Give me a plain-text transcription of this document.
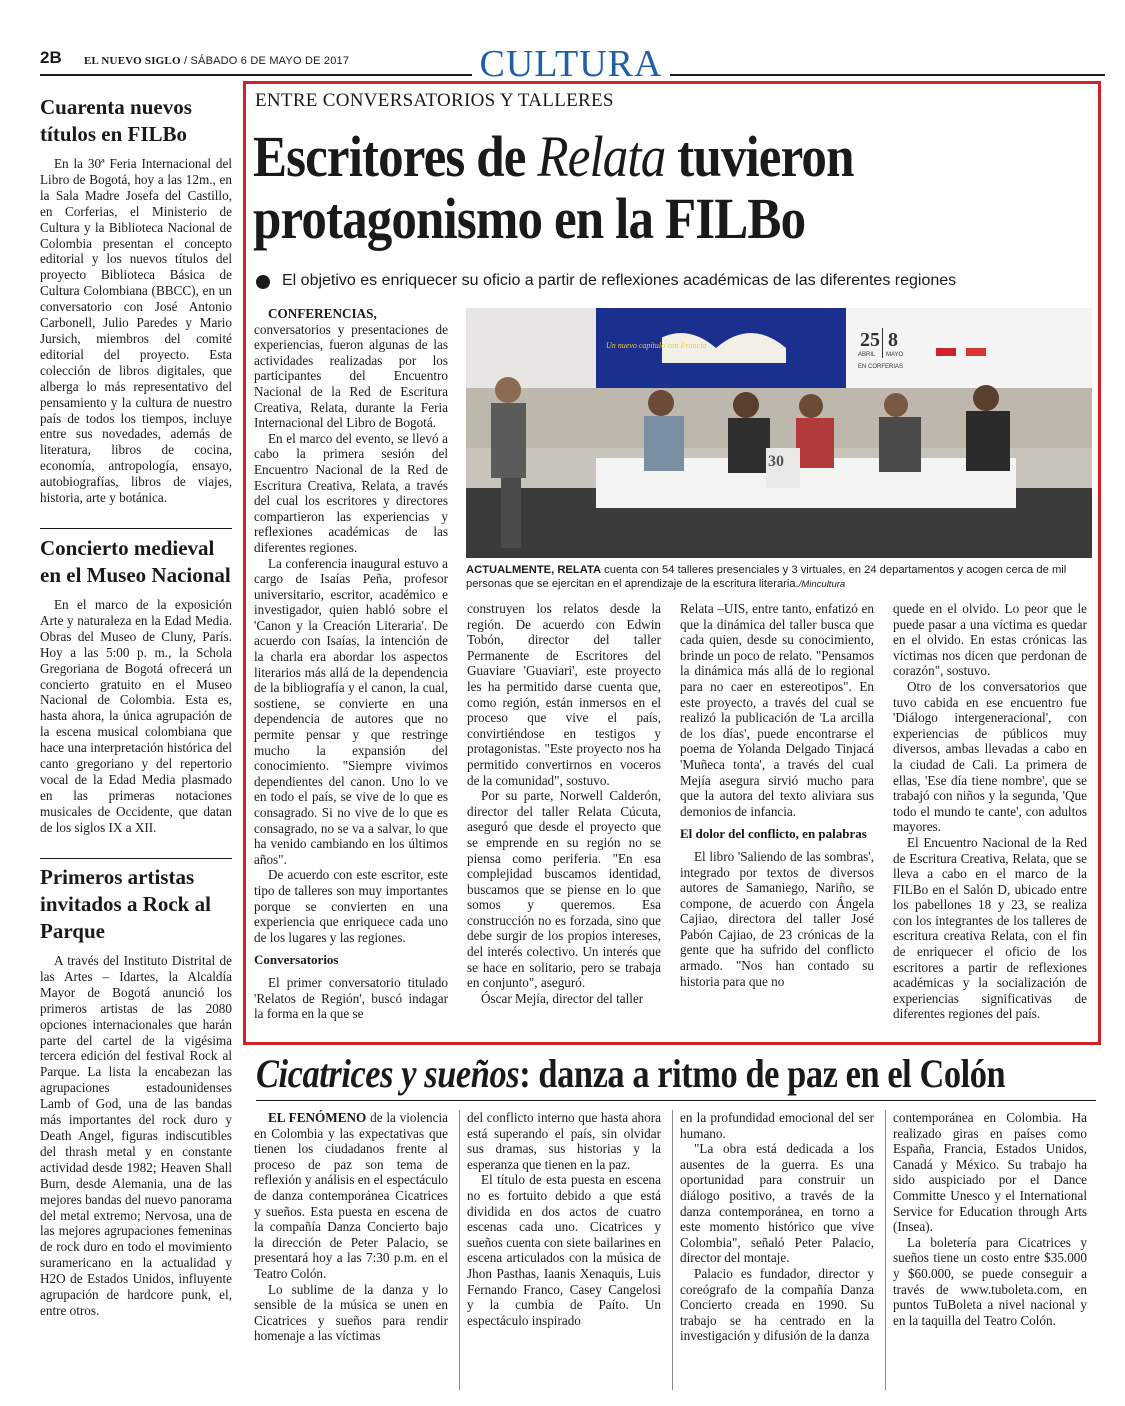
2B EL NUEVO SIGLO / SÁBADO 6 DE MAYO DE 2017	CULTURA
Cuarenta nuevos títulos en FILBo

En la 30ª Feria Internacional del Libro de Bogotá, hoy a las 12m., en la Sala Madre Josefa del Castillo, en Corferias, el Ministerio de Cultura y la Biblioteca Nacional de Colombia presentan el concepto editorial y los nuevos títulos del proyecto Biblioteca Básica de Cultura Colombiana (BBCC), en un conversatorio con José Antonio Carbonell, Julio Paredes y Mario Jursich, miembros del comité editorial del proyecto. Esta colección de libros digitales, que alberga lo más representativo del pensamiento y la cultura de nuestro país de todos los tiempos, incluye entre sus novedades, además de literatura, libros de cocina, economía, antropología, ensayo, autobiografías, libros de viajes, historia, arte y botánica.

Concierto medieval en el Museo Nacional

En el marco de la exposición Arte y naturaleza en la Edad Media. Obras del Museo de Cluny, París. Hoy a las 5:00 p. m., la Schola Gregoriana de Bogotá ofrecerá un concierto gratuito en el Museo Nacional de Colombia. Esta es, hasta ahora, la única agrupación de la escena musical colombiana que hace una interpretación histórica del canto gregoriano y del repertorio vocal de la Edad Media plasmado en las primeras notaciones musicales de Occidente, que datan de los siglos IX a XII.

Primeros artistas invitados a Rock al Parque

A través del Instituto Distrital de las Artes – Idartes, la Alcaldía Mayor de Bogotá anunció los primeros artistas de las 2080 opciones internacionales que harán parte del cartel de la vigésima tercera edición del festival Rock al Parque. La lista la encabezan las agrupaciones estadounidenses Lamb of God, una de las bandas más importantes del rock duro y Death Angel, figuras indiscutibles del thrash metal y en constante actividad desde 1982; Heaven Shall Burn, desde Alemania, una de las mejores bandas del nuevo panorama del metal extremo; Nervosa, una de las mejores agrupaciones femeninas de rock duro en todo el movimiento suramericano en la actualidad y H2O de Estados Unidos, influyente agrupación de hardcore punk, el, entre otros.

ENTRE CONVERSATORIOS Y TALLERES
Escritores de Relata tuvieron
protagonismo en la FILBo
El objetivo es enriquecer su oficio a partir de reflexiones académicas de las diferentes regiones

CONFERENCIAS, conversatorios y presentaciones de experiencias, fueron algunas de las actividades realizadas por los participantes del Encuentro Nacional de la Red de Escritura Creativa, Relata, durante la Feria Internacional del Libro de Bogotá.

En el marco del evento, se llevó a cabo la primera sesión del Encuentro Nacional de la Red de Escritura Creativa, Relata, a través del cual los escritores y directores compartieron las experiencias y reflexiones académicas de las diferentes regiones.

La conferencia inaugural estuvo a cargo de Isaías Peña, profesor universitario, escritor, académico e investigador, quien habló sobre el 'Canon y la Creación Literaria'. De acuerdo con Isaías, la intención de la charla era abordar los aspectos literarios más allá de la dependencia de la bibliografía y el canon, la cual, sostiene, se convierte en una dependencia de autores que no permite pensar y que restringe mucho la expansión del conocimiento. "Siempre vivimos dependientes del canon. Uno lo ve en todo el país, se vive de lo que es consagrado. Si no vive de lo que es consagrado, no se va a salvar, lo que ha venido cambiando en los últimos años".

De acuerdo con este escritor, este tipo de talleres son muy importantes porque se convierten en una experiencia que enriquece cada uno de los lugares y las regiones.

Conversatorios

El primer conversatorio titulado 'Relatos de Región', buscó indagar la forma en la que se

Un nuevo capítulo con Francia	25
ABRIL
8
MAYO
EN CORFERIAS
30
ACTUALMENTE, RELATA cuenta con 54 talleres presenciales y 3 virtuales, en 24 departamentos y acogen cerca de mil personas que se ejercitan en el aprendizaje de la escritura literaria./Mincultura

construyen los relatos desde la región. De acuerdo con Edwin Tobón, director del taller Permanente de Escritores del Guaviare 'Guaviari', este proyecto les ha permitido darse cuenta que, como región, están inmersos en el proceso que vive el país, convirtiéndose en testigos y protagonistas. "Este proyecto nos ha permitido convertirnos en voceros de la comunidad", sostuvo.

Por su parte, Norwell Calderón, director del taller Relata Cúcuta, aseguró que desde el proyecto que se emprende en su región no se piensa como periferia. "En esa complejidad buscamos identidad, buscamos que se piense en lo que somos y queremos. Esa construcción no es forzada, sino que debe surgir de los propios intereses, del interés colectivo. Un interés que se hace en solitario, pero se trabaja en conjunto", aseguró.

Óscar Mejía, director del taller

Relata –UIS, entre tanto, enfatizó en que la dinámica del taller busca que cada quien, desde su conocimiento, brinde un poco de relato. "Pensamos la dinámica más allá de lo regional para no caer en estereotipos". En este proyecto, a través del cual se realizó la publicación de 'La arcilla de los días', puede encontrarse el poema de Yolanda Delgado Tinjacá 'Muñeca tonta', a través del cual Mejía asegura sirvió mucho para que la autora del texto aliviara sus demonios de infancia.

El dolor del conflicto, en palabras

El libro 'Saliendo de las sombras', integrado por textos de diversos autores de Samaniego, Nariño, se compone, de acuerdo con Ángela Cajiao, directora del taller José Pabón Cajiao, de 23 crónicas de la gente que ha sufrido del conflicto armado. "Nos han contado su historia para que no

quede en el olvido. Lo peor que le puede pasar a una víctima es quedar en el olvido. En estas crónicas las víctimas nos dicen que perdonan de corazón", sostuvo.

Otro de los conversatorios que tuvo cabida en ese encuentro fue 'Diálogo intergeneracional', con experiencias de públicos muy diversos, ambas llevadas a cabo en la ciudad de Cali. La primera de ellas, 'Ese día tiene nombre', que se trabajó con niños y la segunda, 'Que todo el mundo te cante', con adultos mayores.

El Encuentro Nacional de la Red de Escritura Creativa, Relata, que se lleva a cabo en el marco de la FILBo en el Salón D, ubicado entre los pabellones 18 y 23, se realiza con los integrantes de los talleres de escritura creativa Relata, con el fin de enriquecer el oficio de los escritores a partir de reflexiones académicas y la socialización de experiencias significativas de diferentes regiones del país.

Cicatrices y sueños: danza a ritmo de paz en el Colón

EL FENÓMENO de la violencia en Colombia y las expectativas que tienen los ciudadanos frente al proceso de paz son tema de reflexión y análisis en el espectáculo de danza contemporánea Cicatrices y sueños. Esta puesta en escena de la compañía Danza Concierto bajo la dirección de Peter Palacio, se presentará hoy a las 7:30 p.m. en el Teatro Colón.

Lo sublime de la danza y lo sensible de la música se unen en Cicatrices y sueños para rendir homenaje a las víctimas

del conflicto interno que hasta ahora está superando el país, sin olvidar sus dramas, sus historias y la esperanza que tienen en la paz.

El título de esta puesta en escena no es fortuito debido a que está dividida en dos actos de cuatro escenas cada uno. Cicatrices y sueños cuenta con siete bailarines en escena articulados con la música de Jhon Pasthas, Iaanis Xenaquis, Luis Fernando Franco, Casey Cangelosi y la cumbia de Paíto. Un espectáculo inspirado

en la profundidad emocional del ser humano.

"La obra está dedicada a los ausentes de la guerra. Es una oportunidad para construir un diálogo positivo, a través de la danza contemporánea, en torno a este momento histórico que vive Colombia", señaló Peter Palacio, director del montaje.

Palacio es fundador, director y coreógrafo de la compañía Danza Concierto creada en 1990. Su trabajo se ha centrado en la investigación y difusión de la danza

contemporánea en Colombia. Ha realizado giras en países como España, Francia, Estados Unidos, Canadá y México. Su trabajo ha sido auspiciado por el Dance Committe Unesco y el International Service for Education through Arts (Insea).

La boletería para Cicatrices y sueños tiene un costo entre $35.000 y $60.000, se puede conseguir a través de www.tuboleta.com, en puntos TuBoleta a nivel nacional y en la taquilla del Teatro Colón.
